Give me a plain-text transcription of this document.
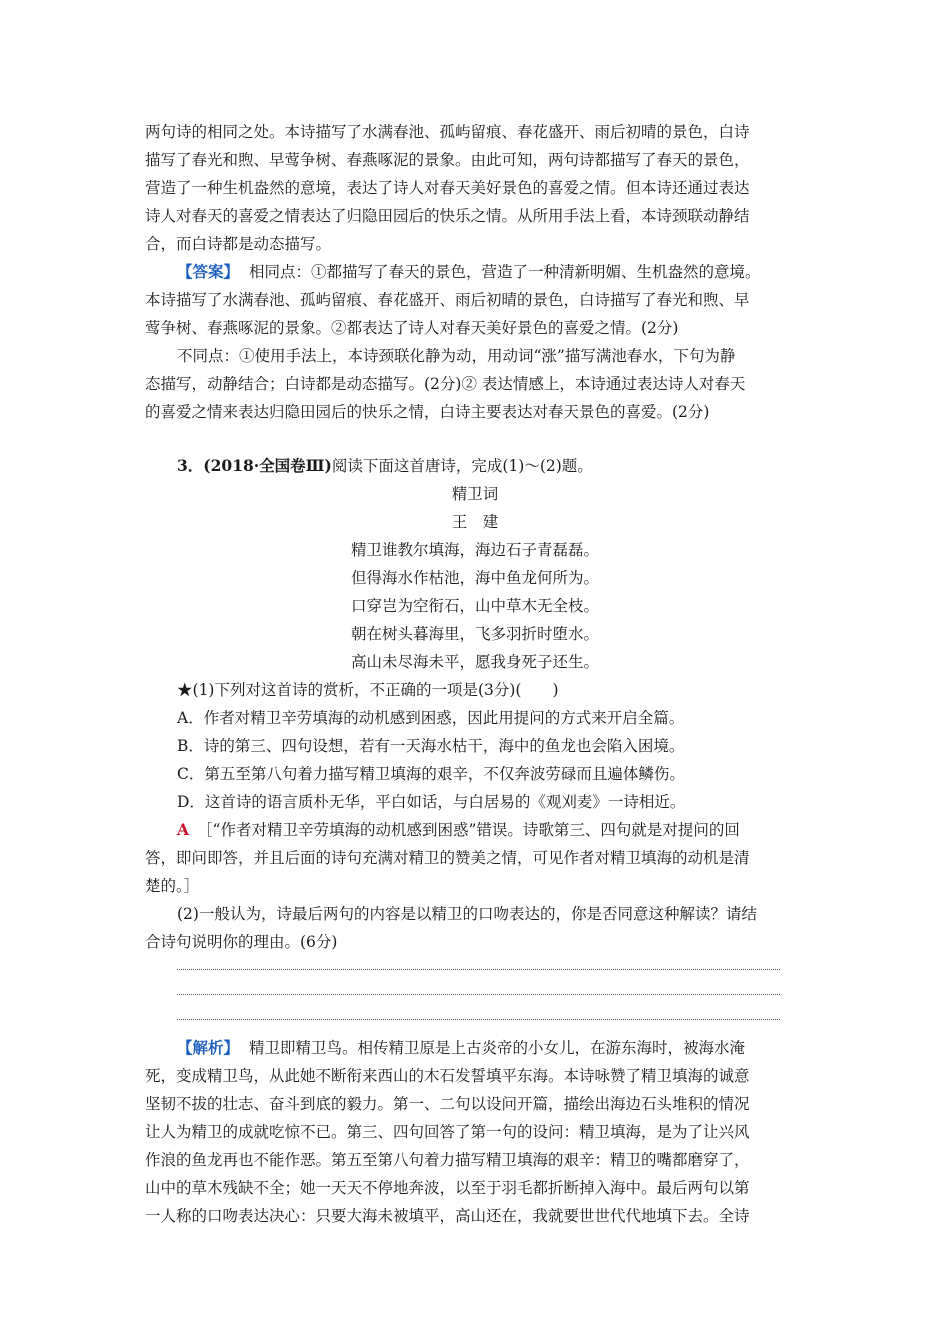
两句诗的相同之处。本诗描写了水满春池、孤屿留痕、春花盛开、雨后初晴的景色，白诗
描写了春光和煦、早莺争树、春燕啄泥的景象。由此可知，两句诗都描写了春天的景色，
营造了一种生机盎然的意境，表达了诗人对春天美好景色的喜爱之情。但本诗还通过表达
诗人对春天的喜爱之情表达了归隐田园后的快乐之情。从所用手法上看，本诗颈联动静结
合，而白诗都是动态描写。
【答案】 相同点：①都描写了春天的景色，营造了一种清新明媚、生机盎然的意境。
本诗描写了水满春池、孤屿留痕、春花盛开、雨后初晴的景色，白诗描写了春光和煦、早
莺争树、春燕啄泥的景象。②都表达了诗人对春天美好景色的喜爱之情。(2分)
不同点：①使用手法上，本诗颈联化静为动，用动词“涨”描写满池春水，下句为静
态描写，动静结合；白诗都是动态描写。(2分)② 表达情感上，本诗通过表达诗人对春天
的喜爱之情来表达归隐田园后的快乐之情，白诗主要表达对春天景色的喜爱。(2分)
3．(2018·全国卷Ⅲ)阅读下面这首唐诗，完成(1)～(2)题。
精卫词
王　建
精卫谁教尔填海，海边石子青磊磊。
但得海水作枯池，海中鱼龙何所为。
口穿岂为空衔石，山中草木无全枝。
朝在树头暮海里，飞多羽折时堕水。
高山未尽海未平，愿我身死子还生。
★(1)下列对这首诗的赏析，不正确的一项是(3分)(　　)
A．作者对精卫辛劳填海的动机感到困惑，因此用提问的方式来开启全篇。
B．诗的第三、四句设想，若有一天海水枯干，海中的鱼龙也会陷入困境。
C．第五至第八句着力描写精卫填海的艰辛，不仅奔波劳碌而且遍体鳞伤。
D．这首诗的语言质朴无华，平白如话，与白居易的《观刈麦》一诗相近。
A ［“作者对精卫辛劳填海的动机感到困惑”错误。诗歌第三、四句就是对提问的回
答，即问即答，并且后面的诗句充满对精卫的赞美之情，可见作者对精卫填海的动机是清
楚的。］
(2)一般认为，诗最后两句的内容是以精卫的口吻表达的，你是否同意这种解读？请结
合诗句说明你的理由。(6分)
【解析】 精卫即精卫鸟。相传精卫原是上古炎帝的小女儿，在游东海时，被海水淹
死，变成精卫鸟，从此她不断衔来西山的木石发誓填平东海。本诗咏赞了精卫填海的诚意
坚韧不拔的壮志、奋斗到底的毅力。第一、二句以设问开篇，描绘出海边石头堆积的情况
让人为精卫的成就吃惊不已。第三、四句回答了第一句的设问：精卫填海，是为了让兴风
作浪的鱼龙再也不能作恶。第五至第八句着力描写精卫填海的艰辛：精卫的嘴都磨穿了，
山中的草木残缺不全；她一天天不停地奔波，以至于羽毛都折断掉入海中。最后两句以第
一人称的口吻表达决心：只要大海未被填平，高山还在，我就要世世代代地填下去。全诗
